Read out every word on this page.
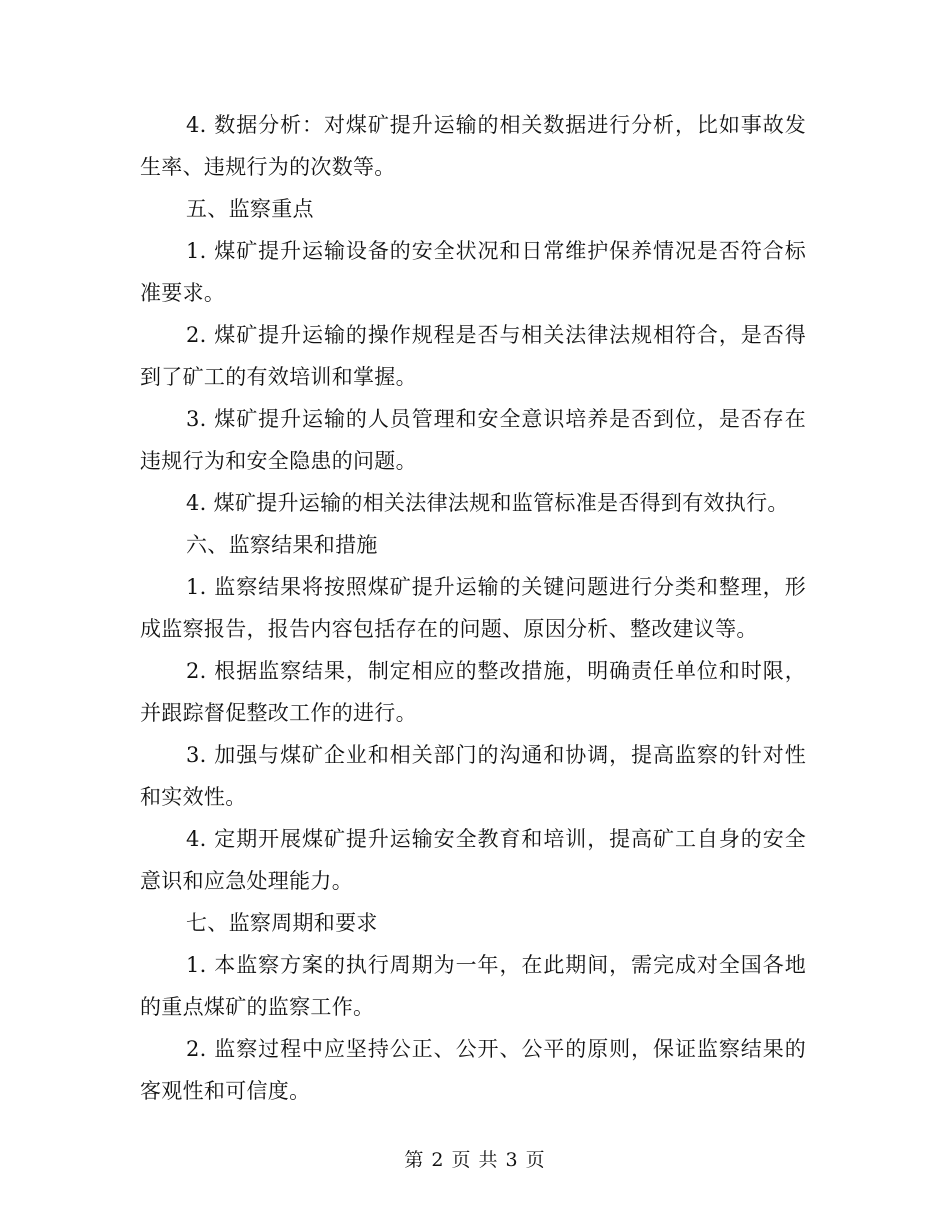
4. 数据分析：对煤矿提升运输的相关数据进行分析，比如事故发生率、违规行为的次数等。

五、监察重点

1. 煤矿提升运输设备的安全状况和日常维护保养情况是否符合标准要求。

2. 煤矿提升运输的操作规程是否与相关法律法规相符合，是否得到了矿工的有效培训和掌握。

3. 煤矿提升运输的人员管理和安全意识培养是否到位，是否存在违规行为和安全隐患的问题。

4. 煤矿提升运输的相关法律法规和监管标准是否得到有效执行。

六、监察结果和措施

1. 监察结果将按照煤矿提升运输的关键问题进行分类和整理，形成监察报告，报告内容包括存在的问题、原因分析、整改建议等。

2. 根据监察结果，制定相应的整改措施，明确责任单位和时限，并跟踪督促整改工作的进行。

3. 加强与煤矿企业和相关部门的沟通和协调，提高监察的针对性和实效性。

4. 定期开展煤矿提升运输安全教育和培训，提高矿工自身的安全意识和应急处理能力。

七、监察周期和要求

1. 本监察方案的执行周期为一年，在此期间，需完成对全国各地的重点煤矿的监察工作。

2. 监察过程中应坚持公正、公开、公平的原则，保证监察结果的客观性和可信度。

第 2 页 共 3 页
